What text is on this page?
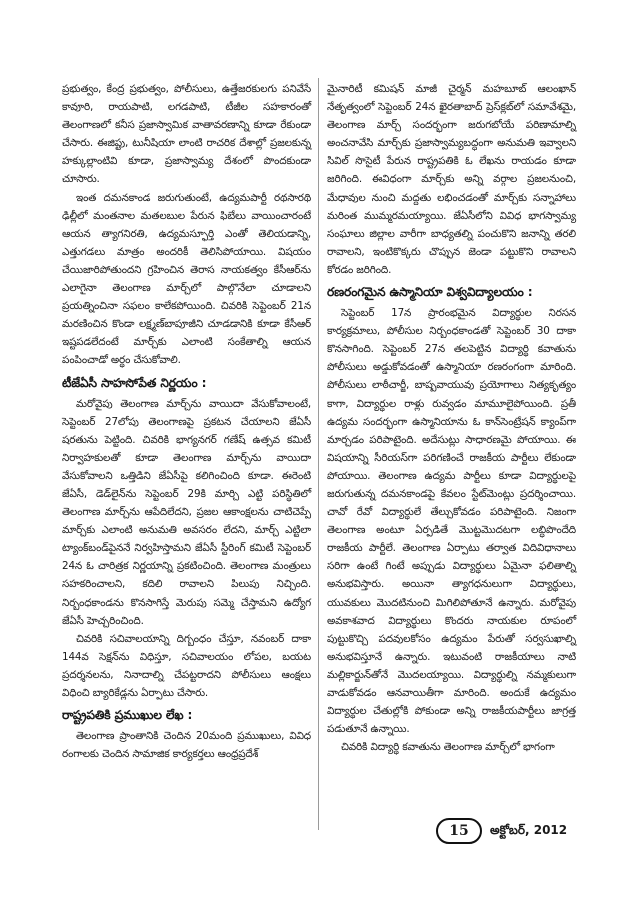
ప్రభుత్వం, కేంద్ర ప్రభుత్వం, పోలీసులు, ఉత్తేజరకులగు పనివేసే కావూరి, రాయపాటి, లగడపాటి, టీజీల సహకారంతో తెలంగాణలో కనీస ప్రజాస్వామిక వాతావరణాన్ని కూడా రేకుండా చేసారు. ఈజిప్టు, టునీషియా లాంటి రాచరిక దేశాల్లో ప్రజలకున్న హక్కుల్లాంటివి కూడా, ప్రజాస్వామ్య దేశంలో పొందకుండా చూసారు.

ఇంత దమనకాండ జరుగుతుంటే, ఉద్యమపార్టీ రథసారథి ఢిల్లీలో మంతనాల మతలబుల పేరున ఫిబేలు వాయించారంటే ఆయన త్యాగనిరతి, ఉద్యమస్ఫూర్తి ఎంతో తెలియడాన్ని, ఎత్తుగడలు మాత్రం అందరికీ తెలిసిపోయాయి. విషయం చేయిజారిపోతుందని గ్రహించిన తెరాస నాయకత్వం కేసీఆర్‌ను ఎలాగైనా తెలంగాణ మార్చ్‌లో పాల్గొనేలా చూడాలని ప్రయత్నించినా సఫలం కాలేకపోయింది. చివరికి సెప్టెంబర్ 21న మరణించిన కొండా లక్ష్మణ్‌బాపూజీని చూడడానికి కూడా కేసీఆర్ ఇష్టపడలేదంటే మార్చ్‌కు ఎలాంటి సంకేతాల్ని ఆయన పంపించాడో అర్థం చేసుకోవాలి.

టీజేఏసీ సాహసోపేత నిర్ణయం :

మరోవైపు తెలంగాణ మార్చ్‌ను వాయిదా వేసుకోవాలంటే, సెప్టెంబర్ 27లోపు తెలంగాణపై ప్రకటన చేయాలని జేఏసీ షరతును పెట్టింది. చివరికి భాగ్యనగర్ గణేష్ ఉత్సవ కమిటీ నిర్వాహకులతో కూడా తెలంగాణ మార్చ్‌ను వాయిదా వేసుకోవాలని ఒత్తిడిని జేఏసీపై కలిగించింది కూడా. ఈరెంటి జేఏసీ, డెడ్‌లైన్‌ను సెప్టెంబర్ 29కి మార్చి ఎట్టి పరిస్థితిలో తెలంగాణ మార్చ్‌ను ఆపేదిలేదని, ప్రజల ఆకాంక్షలను చాటిచెప్పే మార్చ్‌కు ఎలాంటి అనుమతి అవసరం లేదని, మార్చ్ ఎట్టిలా ట్యాంక్‌బండ్‌పైననే నిర్వహిస్తామని జేఏసీ స్టీరింగ్ కమిటీ సెప్టెంబర్ 24న ఓ చారిత్రక నిర్ణయాన్ని ప్రకటించింది. తెలంగాణ మంత్రులు సహకరించాలని, కదిలి రావాలని పిలుపు నిచ్చింది. నిర్బంధకాండను కొనసాగిస్తే మెరుపు సమ్మె చేస్తామని ఉద్యోగ జేఏసీ హెచ్చరించింది.

చివరికి సచివాలయాన్ని దిగ్బంధం చేస్తూ, నవంబర్ దాకా 144వ సెక్షన్‌ను విధిస్తూ, సచివాలయం లోపల, బయట ప్రదర్శనలను, నినాదాల్ని చేపట్టరాదని పోలీసులు ఆంక్షలు విధించి బ్యారికేడ్లను ఏర్పాటు చేసారు.

రాష్ట్రపతికి ప్రముఖుల లేఖ :

తెలంగాణ ప్రాంతానికి చెందిన 20మంది ప్రముఖులు, వివిధ రంగాలకు చెందిన సామాజిక కార్యకర్తలు ఆంధ్రప్రదేశ్

మైనారిటీ కమిషన్ మాజీ చైర్మన్ మహబూబ్ ఆలంఖాన్ నేతృత్వంలో సెప్టెంబర్ 24న ఖైరతాబాద్ ప్రెస్‌క్లబ్‌లో సమావేశమై, తెలంగాణ మార్చ్ సందర్భంగా జరుగబోయే పరిణామాల్ని అంచనావేసి మార్చ్‌కు ప్రజాస్వామ్యబద్ధంగా అనుమతి ఇవ్వాలని సివిల్ సొసైటీ పేరున రాష్ట్రపతికి ఓ లేఖను రాయడం కూడా జరిగింది. ఈవిధంగా మార్చ్‌కు అన్ని వర్గాల ప్రజలనుంచి, మేధావుల నుంచి మద్దతు లభించడంతో మార్చ్‌కు సన్నాహాలు మరింత ముమ్మరమయ్యాయి. జేఏసీలోని వివిధ భాగస్వామ్య సంఘాలు జిల్లాల వారీగా బాధ్యతల్ని పంచుకొని జనాన్ని తరలి రావాలని, ఇంటికొక్కరు చొప్పున జెండా పట్టుకొని రావాలని కోరడం జరిగింది.

రణరంగమైన ఉస్మానియా విశ్వవిద్యాలయం :

సెప్టెంబర్ 17న ప్రారంభమైన విద్యార్థుల నిరసన కార్యక్రమాలు, పోలీసుల నిర్బంధకాండతో సెప్టెంబర్ 30 దాకా కొనసాగింది. సెప్టెంబర్ 27న తలపెట్టిన విద్యార్థి కవాతును పోలీసులు అడ్డుకోవడంతో ఉస్మానియా రణరంగంగా మారింది. పోలీసులు లాఠీచార్జీ, బాష్పవాయువు ప్రయోగాలు నిత్యకృత్యం కాగా, విద్యార్థుల రాళ్లు రువ్వడం మామూలైపోయింది. ప్రతీ ఉద్యమ సందర్భంగా ఉస్మానియాను ఓ కాన్‌సెంట్రేషన్ క్యాంప్‌గా మార్చడం పరిపాటైంది. అదేసుట్లు సాధారణమై పోయాయి. ఈ విషయాన్ని సీరియస్‌గా పరిగణించే రాజకీయ పార్టీలు లేకుండా పోయాయి. తెలంగాణ ఉద్యమ పార్టీలు కూడా విద్యార్థులపై జరుగుతున్న దమనకాండపై కేవలం స్టేట్‌మెంట్లు ప్రదర్శించాయి. చావో రేవో విద్యార్థులే తేల్చుకోవడం పరిపాటైంది. నిజంగా తెలంగాణ అంటూ ఏర్పడితే మొట్టమొదటగా లబ్ధిపొందేది రాజకీయ పార్టీలే. తెలంగాణ ఏర్పాటు తర్వాత విదివిధానాలు సరిగా ఉంటే గింటే అప్పుడు విద్యార్థులు ఏమైనా ఫలితాల్ని అనుభవిస్తారు. అయినా త్యాగధనులుగా విద్యార్థులు, యువకులు మొదటినుంచి మిగిలిపోతూనే ఉన్నారు. మరోవైపు అవకాశవాద విద్యార్థులు కొందరు నాయకుల రూపంలో పుట్టుకొచ్చి పదవులకోసం ఉద్యమం పేరుతో సర్వసుఖాల్ని అనుభవిస్తూనే ఉన్నారు. ఇటువంటి రాజకీయాలు నాటి మల్లికార్జున్‌తోనే మొదలయ్యాయి. విద్యార్థుల్ని నమ్మకులుగా వాడుకోవడం ఆనవాయితీగా మారింది. అందుకే ఉద్యమం విద్యార్థుల చేతుల్లోకి పోకుండా అన్ని రాజకీయపార్టీలు జాగ్రత్త పడుతూనే ఉన్నాయి.

చివరికి విద్యార్థి కవాతును తెలంగాణ మార్చ్‌లో భాగంగా

15	అక్టోబర్, 2012
